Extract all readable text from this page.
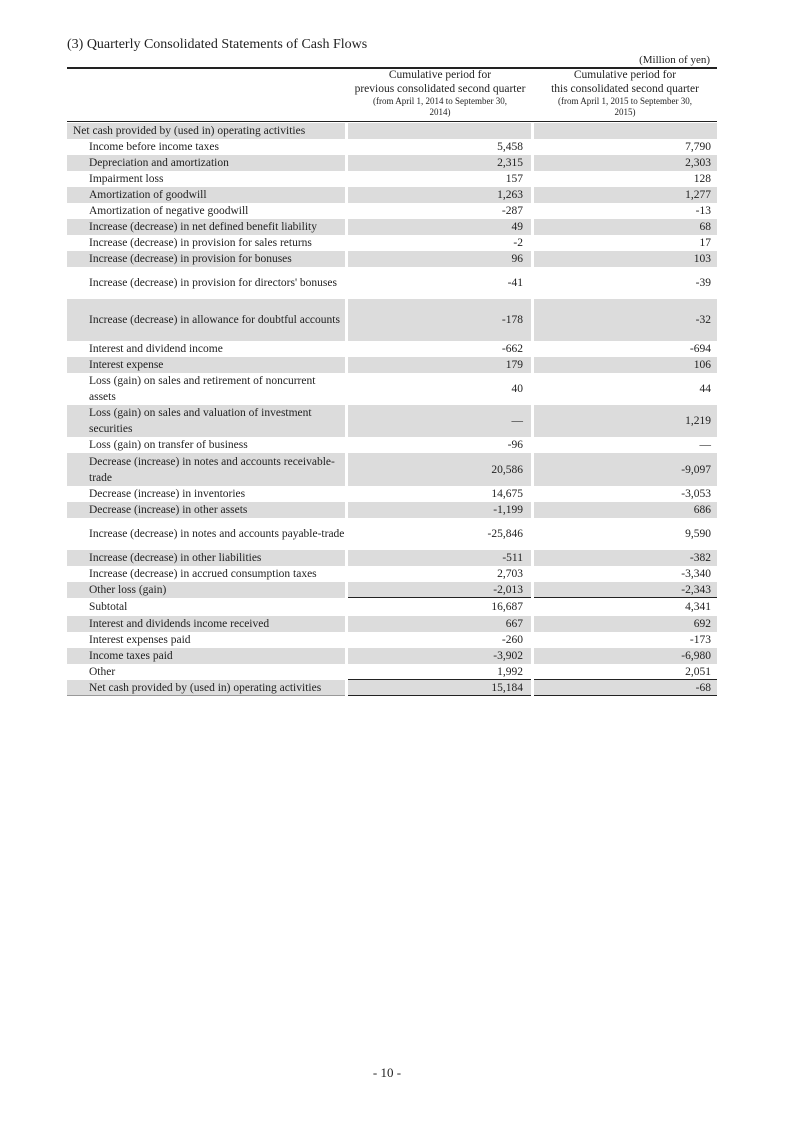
(3) Quarterly Consolidated Statements of Cash Flows
(Million of yen)
Cumulative period for
previous consolidated second quarter
(from April 1, 2014 to September 30,
2014)
Cumulative period for
this consolidated second quarter
(from April 1, 2015 to September 30,
2015)
Net cash provided by (used in) operating activities
Income before income taxes	5,458	7,790
Depreciation and amortization	2,315	2,303
Impairment loss	157	128
Amortization of goodwill	1,263	1,277
Amortization of negative goodwill	-287	-13
Increase (decrease) in net defined benefit liability	49	68
Increase (decrease) in provision for sales returns	-2	17
Increase (decrease) in provision for bonuses	96	103
Increase (decrease) in provision for directors' bonuses	-41	-39
Increase (decrease) in allowance for doubtful accounts	-178	-32
Interest and dividend income	-662	-694
Interest expense	179	106
Loss (gain) on sales and retirement of noncurrent assets
40	44
Loss (gain) on sales and valuation of investment securities
—	1,219
Loss (gain) on transfer of business	-96	—
Decrease (increase) in notes and accounts receivable-trade
20,586	-9,097
Decrease (increase) in inventories	14,675	-3,053
Decrease (increase) in other assets	-1,199	686
Increase (decrease) in notes and accounts payable-trade	-25,846	9,590
Increase (decrease) in other liabilities	-511	-382
Increase (decrease) in accrued consumption taxes	2,703	-3,340
Other loss (gain)	-2,013	-2,343
Subtotal	16,687	4,341
Interest and dividends income received	667	692
Interest expenses paid	-260	-173
Income taxes paid	-3,902	-6,980
Other	1,992	2,051
Net cash provided by (used in) operating activities	15,184	-68
- 10 -
